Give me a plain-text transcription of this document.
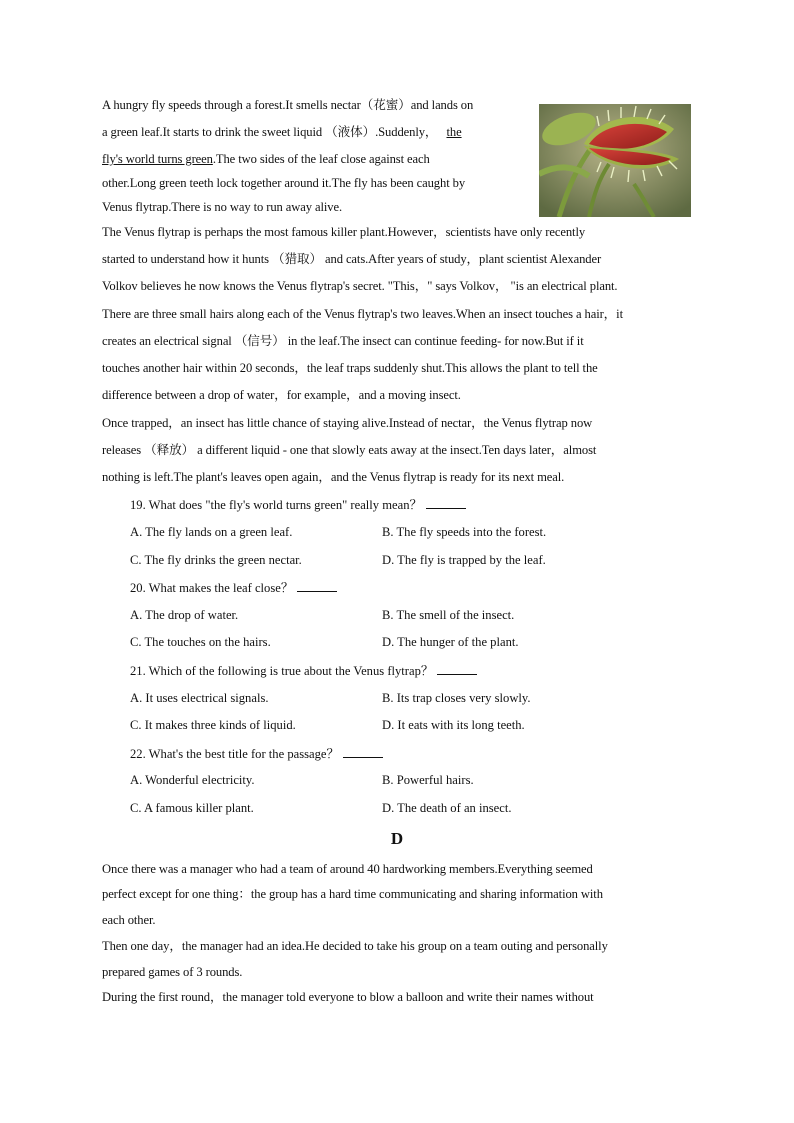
A hungry fly speeds through a forest.It smells nectar（花蜜）and lands on
a green leaf.It starts to drink the sweet liquid （液体）.Suddenly， the
fly's world turns green.The two sides of the leaf close against each
other.Long green teeth lock together around it.The fly has been caught by
Venus flytrap.There is no way to run away alive.
The Venus flytrap is perhaps the most famous killer plant.However，scientists have only recently
started to understand how it hunts （猎取） and cats.After years of study，plant scientist Alexander
Volkov believes he now knows the Venus flytrap's secret. "This，" says Volkov， "is an electrical plant.
There are three small hairs along each of the Venus flytrap's two leaves.When an insect touches a hair，it
creates an electrical signal （信号） in the leaf.The insect can continue feeding- for now.But if it
touches another hair within 20 seconds，the leaf traps suddenly shut.This allows the plant to tell the
difference between a drop of water，for example，and a moving insect.
Once trapped，an insect has little chance of staying alive.Instead of nectar，the Venus flytrap now
releases （释放） a different liquid - one that slowly eats away at the insect.Ten days later，almost
nothing is left.The plant's leaves open again，and the Venus flytrap is ready for its next meal.
19. What does "the fly's world turns green" really mean？
A. The fly lands on a green leaf.	B. The fly speeds into the forest.
C. The fly drinks the green nectar.	D. The fly is trapped by the leaf.
20. What makes the leaf close？
A. The drop of water.	B. The smell of the insect.
C. The touches on the hairs.	D. The hunger of the plant.
21. Which of the following is true about the Venus flytrap？
A. It uses electrical signals.	B. Its trap closes very slowly.
C. It makes three kinds of liquid.	D. It eats with its long teeth.
22. What's the best title for the passage？
A. Wonderful electricity.	B. Powerful hairs.
C. A famous killer plant.	D. The death of an insect.
D
Once there was a manager who had a team of around 40 hardworking members.Everything seemed
perfect except for one thing：the group has a hard time communicating and sharing information with
each other.
Then one day，the manager had an idea.He decided to take his group on a team outing and personally
prepared games of 3 rounds.
During the first round，the manager told everyone to blow a balloon and write their names without
